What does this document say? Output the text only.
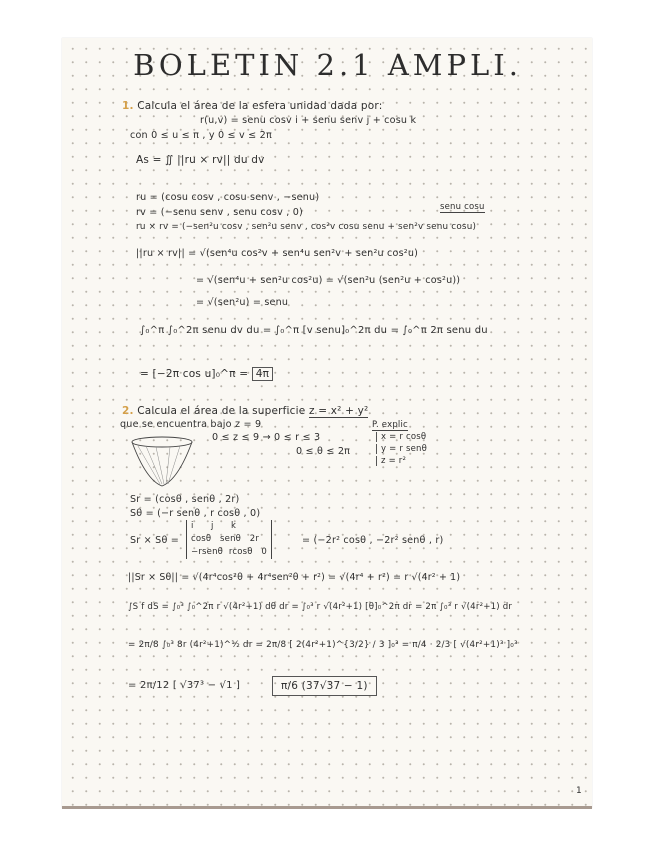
BOLETIN 2.1 AMPLI.
1. Calcula el área de la esfera unidad dada por:
r(u,v) = senu cosv i + senu senv j + cosu k
con 0 ≤ u ≤ π , y 0 ≤ v ≤ 2π
As = ∬ ||ru × rv|| du dv
ru = (cosu cosv , cosu senv , −senu)
rv = (−senu senv , senu cosv , 0)	senu cosu
ru × rv = (−sen²u cosv , sen²u senv , cos²v cosu senu + sen²v senu cosu)
||ru × rv|| = √(sen⁴u cos²v + sen⁴u sen²v + sen²u cos²u)
= √(sen⁴u + sen²u cos²u) = √(sen²u (sen²u + cos²u))
= √(sen²u) = senu
∫₀^π ∫₀^2π senu dv du = ∫₀^π [v senu]₀^2π du = ∫₀^π 2π senu du
= [−2π cos u]₀^π = 4π
2. Calcula el área de la superficie z = x² + y²
que se encuentra bajo z = 9
0 ≤ z ≤ 9 → 0 ≤ r ≤ 3
0 ≤ θ ≤ 2π
P. explic
x = r cosθ
y = r senθ
z = r²
Sr = (cosθ , senθ , 2r)
Sθ = (−r senθ , r cosθ , 0)
Sr × Sθ =
i      j      k
cosθ   senθ   2r
−rsenθ  rcosθ   0
= (−2r² cosθ , −2r² senθ , r)
||Sr × Sθ|| = √(4r⁴cos²θ + 4r⁴sen²θ + r²) = √(4r⁴ + r²) = r √(4r² + 1)
∫S f dS = ∫₀³ ∫₀^2π r √(4r²+1) dθ dr = ∫₀³ r √(4r²+1) [θ]₀^2π dr = 2π ∫₀³ r √(4r²+1) dr
= 2π/8 ∫₀³ 8r (4r²+1)^½ dr = 2π/8 [ 2(4r²+1)^{3/2} / 3 ]₀³ = π/4 · 2/3 [ √(4r²+1)³ ]₀³
= 2π/12 [ √37³ − √1 ]	π/6 (37√37 − 1)
1
